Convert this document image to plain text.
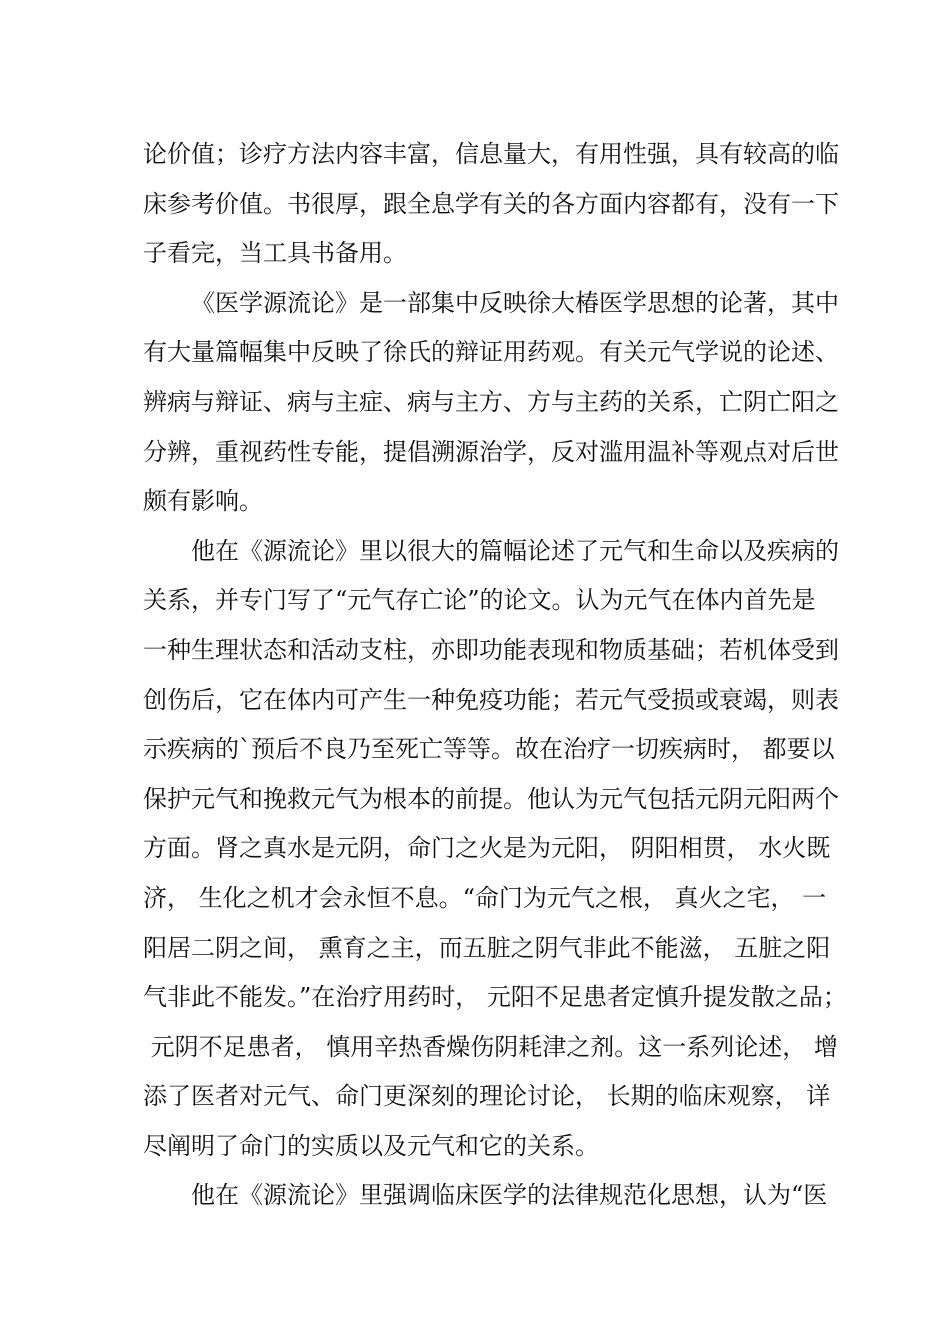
论价值；诊疗方法内容丰富，信息量大，有用性强，具有较高的临
床参考价值。书很厚，跟全息学有关的各方面内容都有，没有一下
子看完，当工具书备用。
《医学源流论》是一部集中反映徐大椿医学思想的论著，其中
有大量篇幅集中反映了徐氏的辩证用药观。有关元气学说的论述、
辨病与辩证、病与主症、病与主方、方与主药的关系，亡阴亡阳之
分辨，重视药性专能，提倡溯源治学，反对滥用温补等观点对后世
颇有影响。
他在《源流论》里以很大的篇幅论述了元气和生命以及疾病的
关系，并专门写了“元气存亡论”的论文。认为元气在体内首先是
一种生理状态和活动支柱，亦即功能表现和物质基础；若机体受到
创伤后，它在体内可产生一种免疫功能；若元气受损或衰竭，则表
示疾病的`预后不良乃至死亡等等。故在治疗一切疾病时， 都要以
保护元气和挽救元气为根本的前提。他认为元气包括元阴元阳两个
方面。肾之真水是元阴，命门之火是为元阳， 阴阳相贯， 水火既
济， 生化之机才会永恒不息。“命门为元气之根， 真火之宅， 一
阳居二阴之间， 熏育之主，而五脏之阴气非此不能滋， 五脏之阳
气非此不能发。”在治疗用药时， 元阳不足患者定慎升提发散之品；
元阴不足患者， 慎用辛热香燥伤阴耗津之剂。这一系列论述， 增
添了医者对元气、命门更深刻的理论讨论， 长期的临床观察， 详
尽阐明了命门的实质以及元气和它的关系。
他在《源流论》里强调临床医学的法律规范化思想，认为“医
